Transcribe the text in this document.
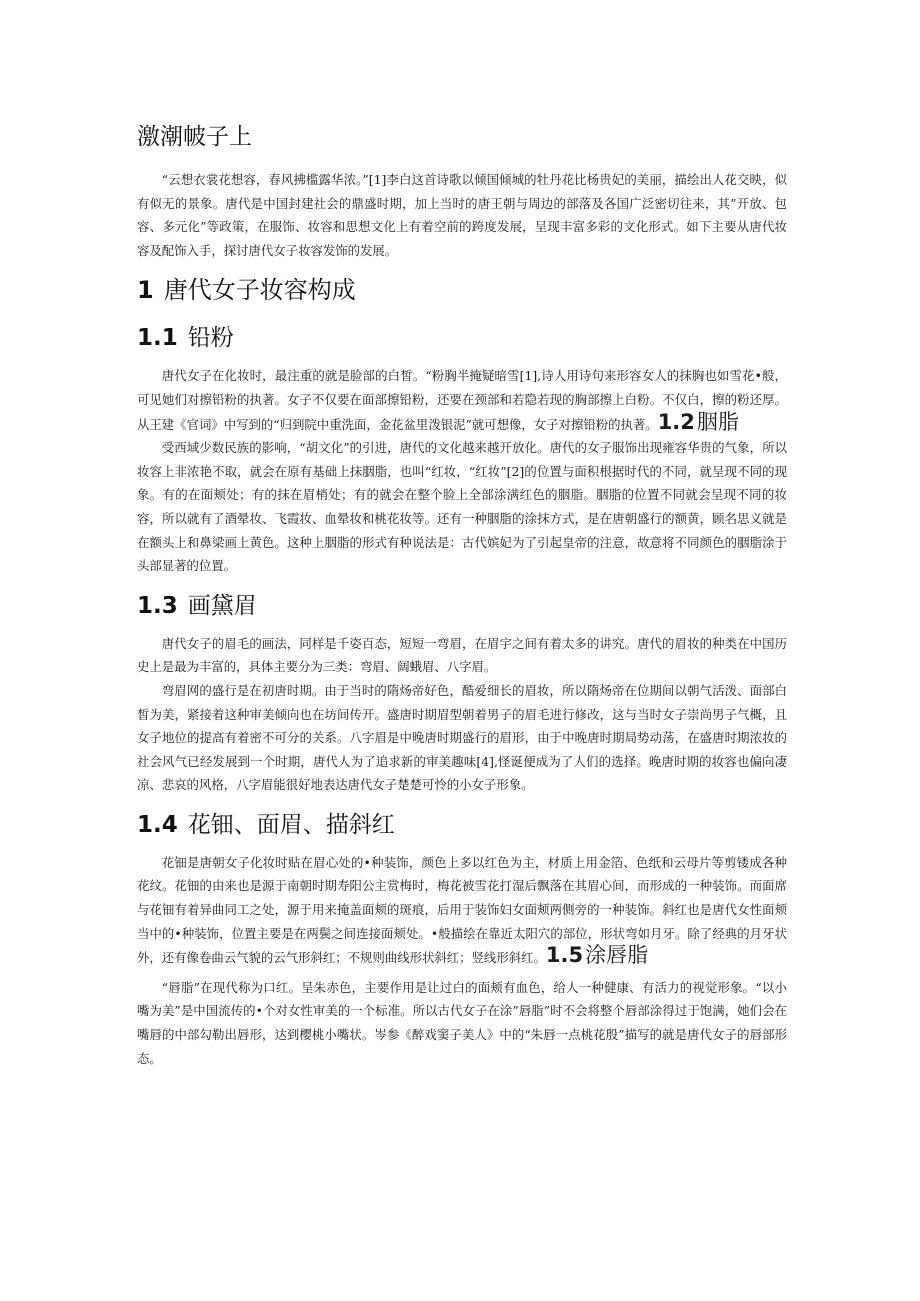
激潮帔子上

“云想衣裳花想容，春风拂槛露华浓。”[1]李白这首诗歌以倾国倾城的牡丹花比杨贵妃的美丽，描绘出人花交映，似有似无的景象。唐代是中国封建社会的鼎盛时期，加上当时的唐王朝与周边的部落及各国广泛密切往来，其”开放、包容、多元化”等政策，在服饰、妆容和思想文化上有着空前的跨度发展，呈现丰富多彩的文化形式。如下主要从唐代妆容及配饰入手，探讨唐代女子妆容发饰的发展。

1 唐代女子妆容构成
1.1 铅粉

唐代女子在化妆时，最注重的就是脸部的白皙。“粉胸半掩疑暗雪[1],诗人用诗句来形容女人的抹胸也如雪花•般，可见她们对擦铅粉的执著。女子不仅要在面部擦铅粉，还要在颈部和若隐若现的胸部擦上白粉。不仅白，擦的粉还厚。从王建《官词》中写到的“归到院中重洗面，金花盆里泼银泥”就可想像，女子对擦铅粉的执著。1.2胭脂

受西域少数民族的影响，“胡文化”的引进，唐代的文化越来越开放化。唐代的女子服饰出现雍容华贵的气象，所以妆容上非浓艳不取，就会在原有基础上抹胭脂，也叫“红妆，“红妆”[2]的位置与面积根据时代的不同，就呈现不同的现象。有的在面颊处；有的抹在眉梢处；有的就会在整个脸上全部涂满红色的胭脂。胭脂的位置不同就会呈现不同的妆容，所以就有了酒晕妆、飞霞妆、血晕妆和桃花妆等。还有一种胭脂的涂抹方式，是在唐朝盛行的额黄，顾名思义就是在额头上和鼻梁画上黄色。这种上胭脂的形式有种说法是：古代嫔妃为了引起皇帝的注意，故意将不同颜色的胭脂涂于头部显著的位置。

1.3 画黛眉

唐代女子的眉毛的画法，同样是千姿百态，短短一弯眉，在眉宇之间有着太多的讲究。唐代的眉妆的种类在中国历史上是最为丰富的，具体主要分为三类：弯眉、阔蛾眉、八字眉。

弯眉网的盛行是在初唐时期。由于当时的隋炀帝好色，酷爱细长的眉妆，所以隋炀帝在位期间以朝气活泼、面部白皙为美，紧接着这种审美倾向也在坊间传开。盛唐时期眉型朝着男子的眉毛进行修改，这与当时女子崇尚男子气概，且女子地位的提高有着密不可分的关系。八字眉是中晚唐时期盛行的眉形，由于中晚唐时期局势动荡，在盛唐时期浓妆的社会风气已经发展到一个时期，唐代人为了追求新的审美趣味[4],怪诞便成为了人们的选择。晚唐时期的妆容也偏向凄凉、悲哀的风格，八字眉能很好地表达唐代女子楚楚可怜的小女子形象。

1.4 花钿、面眉、描斜红

花钿是唐朝女子化妆时贴在眉心处的•种装饰，颜色上多以红色为主，材质上用金箔、色纸和云母片等剪镂成各种花纹。花钿的由来也是源于南朝时期寿阳公主赏梅时，梅花被雪花打湿后飘落在其眉心间，而形成的一种装饰。而面席与花钿有着异曲同工之处，源于用来掩盖面颊的斑痕，后用于装饰妇女面颊两侧旁的一种装饰。斜红也是唐代女性面颊当中的•种装饰，位置主要是在两鬓之间连接面颊处。•般描绘在靠近太阳穴的部位，形状弯如月牙。除了经典的月牙状外，还有像卷曲云气貌的云气形斜红；不规则曲线形状斜红；竖线形斜红。1.5涂唇脂

“唇脂”在现代称为口红。呈朱赤色，主要作用是让过白的面颊有血色，给人一种健康、有活力的视觉形象。“以小嘴为美”是中国流传的•个对女性审美的一个标准。所以古代女子在涂”唇脂”时不会将整个唇部涂得过于饱满，她们会在嘴唇的中部勾勒出唇形，达到樱桃小嘴状。岑参《醉戏窦子美人》中的“朱唇一点桃花殷”描写的就是唐代女子的唇部形态。
